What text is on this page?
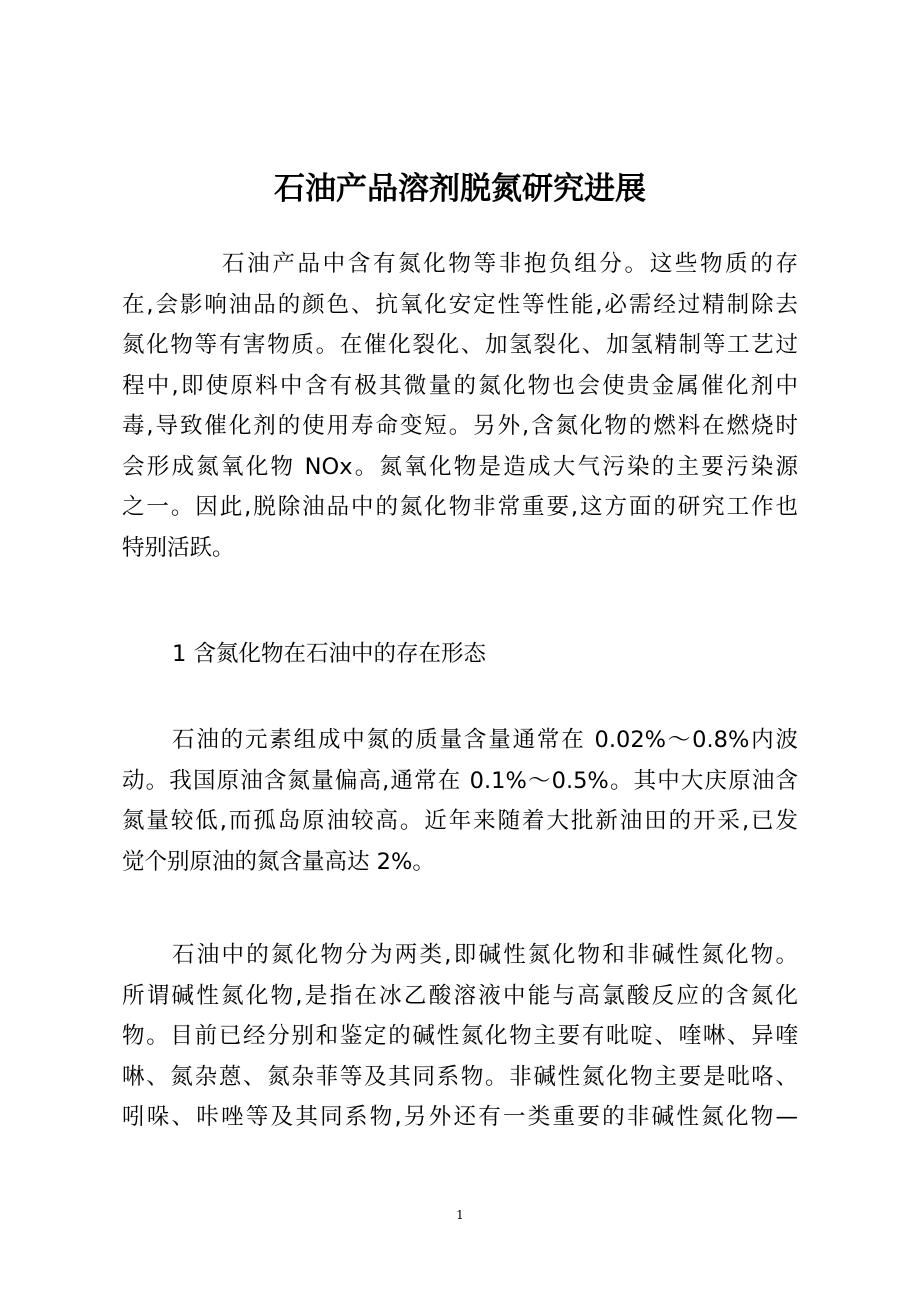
石油产品溶剂脱氮研究进展
石油产品中含有氮化物等非抱负组分。这些物质的存
在,会影响油品的颜色、抗氧化安定性等性能,必需经过精制除去
氮化物等有害物质。在催化裂化、加氢裂化、加氢精制等工艺过
程中,即使原料中含有极其微量的氮化物也会使贵金属催化剂中
毒,导致催化剂的使用寿命变短。另外,含氮化物的燃料在燃烧时
会形成氮氧化物 NOx。氮氧化物是造成大气污染的主要污染源
之一。因此,脱除油品中的氮化物非常重要,这方面的研究工作也
特别活跃。
1 含氮化物在石油中的存在形态
石油的元素组成中氮的质量含量通常在 0.02%～0.8%内波
动。我国原油含氮量偏高,通常在 0.1%～0.5%。其中大庆原油含
氮量较低,而孤岛原油较高。近年来随着大批新油田的开采,已发
觉个别原油的氮含量高达 2%。
石油中的氮化物分为两类,即碱性氮化物和非碱性氮化物。
所谓碱性氮化物,是指在冰乙酸溶液中能与高氯酸反应的含氮化
物。目前已经分别和鉴定的碱性氮化物主要有吡啶、喹啉、异喹
啉、氮杂蒽、氮杂菲等及其同系物。非碱性氮化物主要是吡咯、
吲哚、咔唑等及其同系物,另外还有一类重要的非碱性氮化物—
1
